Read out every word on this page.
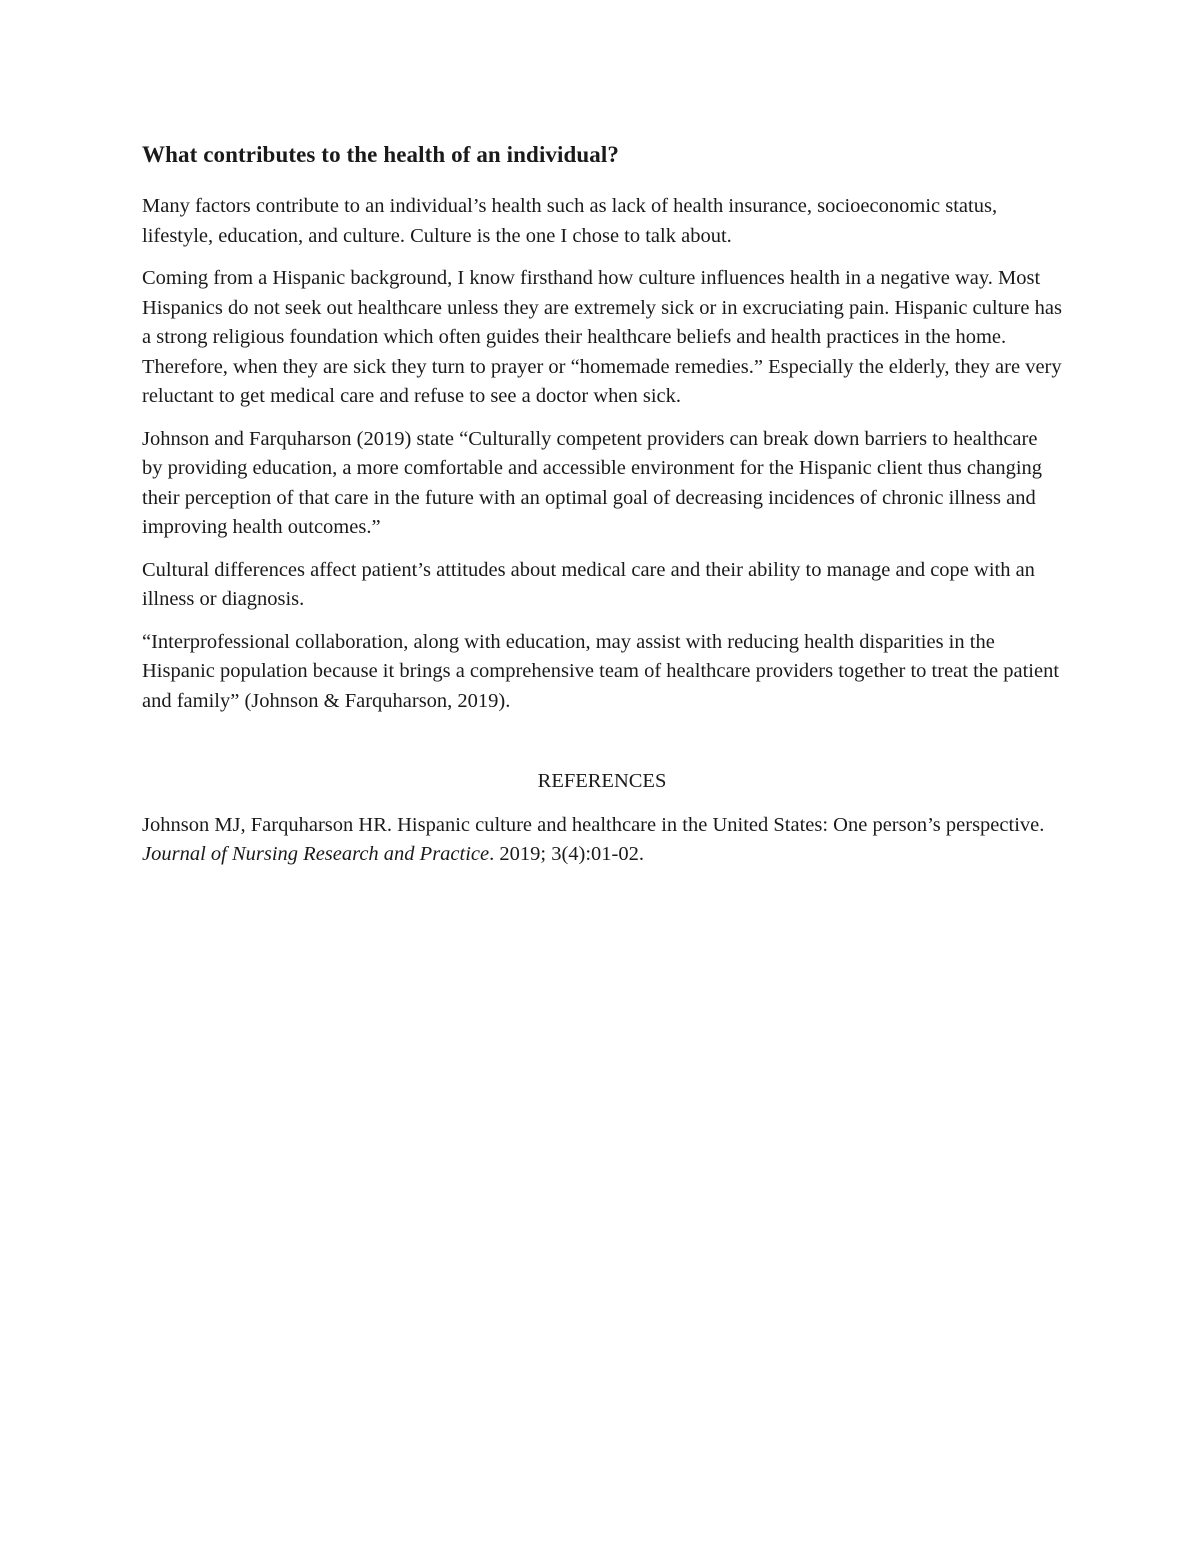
What contributes to the health of an individual?

Many factors contribute to an individual’s health such as lack of health insurance, socioeconomic status, lifestyle, education, and culture. Culture is the one I chose to talk about.

Coming from a Hispanic background, I know firsthand how culture influences health in a negative way. Most Hispanics do not seek out healthcare unless they are extremely sick or in excruciating pain. Hispanic culture has a strong religious foundation which often guides their healthcare beliefs and health practices in the home. Therefore, when they are sick they turn to prayer or “homemade remedies.” Especially the elderly, they are very reluctant to get medical care and refuse to see a doctor when sick.

Johnson and Farquharson (2019) state “Culturally competent providers can break down barriers to healthcare by providing education, a more comfortable and accessible environment for the Hispanic client thus changing their perception of that care in the future with an optimal goal of decreasing incidences of chronic illness and improving health outcomes.”

Cultural differences affect patient’s attitudes about medical care and their ability to manage and cope with an illness or diagnosis.

“Interprofessional collaboration, along with education, may assist with reducing health disparities in the Hispanic population because it brings a comprehensive team of healthcare providers together to treat the patient and family” (Johnson & Farquharson, 2019).

REFERENCES

Johnson MJ, Farquharson HR. Hispanic culture and healthcare in the United States: One person’s perspective. Journal of Nursing Research and Practice. 2019; 3(4):01-02.
